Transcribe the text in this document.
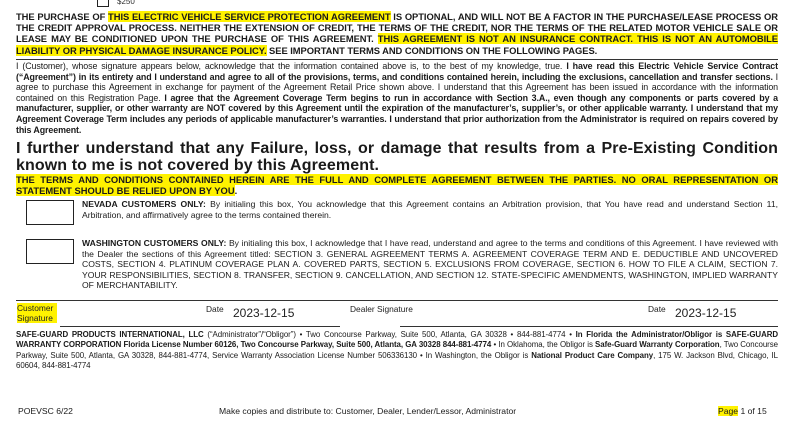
$250
THE PURCHASE OF THIS ELECTRIC VEHICLE SERVICE PROTECTION AGREEMENT IS OPTIONAL, AND WILL NOT BE A FACTOR IN THE PURCHASE/LEASE PROCESS OR THE CREDIT APPROVAL PROCESS. NEITHER THE EXTENSION OF CREDIT, THE TERMS OF THE CREDIT, NOR THE TERMS OF THE RELATED MOTOR VEHICLE SALE OR LEASE MAY BE CONDITIONED UPON THE PURCHASE OF THIS AGREEMENT. THIS AGREEMENT IS NOT AN INSURANCE CONTRACT. THIS IS NOT AN AUTOMOBILE LIABILITY OR PHYSICAL DAMAGE INSURANCE POLICY. SEE IMPORTANT TERMS AND CONDITIONS ON THE FOLLOWING PAGES.
I (Customer), whose signature appears below, acknowledge that the information contained above is, to the best of my knowledge, true. I have read this Electric Vehicle Service Contract (“Agreement”) in its entirety and I understand and agree to all of the provisions, terms, and conditions contained herein, including the exclusions, cancellation and transfer sections. I agree to purchase this Agreement in exchange for payment of the Agreement Retail Price shown above. I understand that this Agreement has been issued in accordance with the information contained on this Registration Page. I agree that the Agreement Coverage Term begins to run in accordance with Section 3.A., even though any components or parts covered by a manufacturer, supplier, or other warranty are NOT covered by this Agreement until the expiration of the manufacturer’s, supplier’s, or other applicable warranty. I understand that my Agreement Coverage Term includes any periods of applicable manufacturer’s warranties. I understand that prior authorization from the Administrator is required on repairs covered by this Agreement.
I further understand that any Failure, loss, or damage that results from a Pre-Existing Condition known to me is not covered by this Agreement.
THE TERMS AND CONDITIONS CONTAINED HEREIN ARE THE FULL AND COMPLETE AGREEMENT BETWEEN THE PARTIES. NO ORAL REPRESENTATION OR STATEMENT SHOULD BE RELIED UPON BY YOU.
NEVADA CUSTOMERS ONLY: By initialing this box, You acknowledge that this Agreement contains an Arbitration provision, that You have read and understand Section 11, Arbitration, and affirmatively agree to the terms contained therein.
WASHINGTON CUSTOMERS ONLY: By initialing this box, I acknowledge that I have read, understand and agree to the terms and conditions of this Agreement. I have reviewed with the Dealer the sections of this Agreement titled: SECTION 3. GENERAL AGREEMENT TERMS A. AGREEMENT COVERAGE TERM AND E. DEDUCTIBLE AND UNCOVERED COSTS, SECTION 4. PLATINUM COVERAGE PLAN A. COVERED PARTS, SECTION 5. EXCLUSIONS FROM COVERAGE, SECTION 6. HOW TO FILE A CLAIM, SECTION 7. YOUR RESPONSIBILITIES, SECTION 8. TRANSFER, SECTION 9. CANCELLATION, AND SECTION 12. STATE-SPECIFIC AMENDMENTS, WASHINGTON, IMPLIED WARRANTY OF MERCHANTABILITY.
Customer Signature
Date 2023-12-15	Dealer Signature	Date 2023-12-15
SAFE-GUARD PRODUCTS INTERNATIONAL, LLC (“Administrator”/“Obligor”) • Two Concourse Parkway, Suite 500, Atlanta, GA 30328 • 844-881-4774 • In Florida the Administrator/Obligor is SAFE-GUARD WARRANTY CORPORATION Florida License Number 60126, Two Concourse Parkway, Suite 500, Atlanta, GA 30328 844-881-4774 • In Oklahoma, the Obligor is Safe-Guard Warranty Corporation, Two Concourse Parkway, Suite 500, Atlanta, GA 30328, 844-881-4774, Service Warranty Association License Number 506336130 • In Washington, the Obligor is National Product Care Company, 175 W. Jackson Blvd, Chicago, IL 60604, 844-881-4774
POEVSC 6/22	Make copies and distribute to: Customer, Dealer, Lender/Lessor, Administrator	Page 1 of 15
